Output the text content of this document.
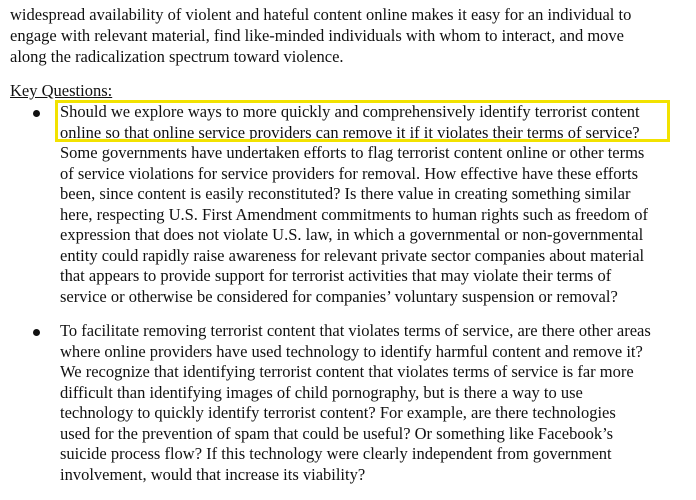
widespread availability of violent and hateful content online makes it easy for an individual to
engage with relevant material, find like-minded individuals with whom to interact, and move
along the radicalization spectrum toward violence.

Key Questions:

Should we explore ways to more quickly and comprehensively identify terrorist content
online so that online service providers can remove it if it violates their terms of service?
Some governments have undertaken efforts to flag terrorist content online or other terms
of service violations for service providers for removal. How effective have these efforts
been, since content is easily reconstituted? Is there value in creating something similar
here, respecting U.S. First Amendment commitments to human rights such as freedom of
expression that does not violate U.S. law, in which a governmental or non-governmental
entity could rapidly raise awareness for relevant private sector companies about material
that appears to provide support for terrorist activities that may violate their terms of
service or otherwise be considered for companies’ voluntary suspension or removal?
To facilitate removing terrorist content that violates terms of service, are there other areas
where online providers have used technology to identify harmful content and remove it?
We recognize that identifying terrorist content that violates terms of service is far more
difficult than identifying images of child pornography, but is there a way to use
technology to quickly identify terrorist content? For example, are there technologies
used for the prevention of spam that could be useful? Or something like Facebook’s
suicide process flow? If this technology were clearly independent from government
involvement, would that increase its viability?
